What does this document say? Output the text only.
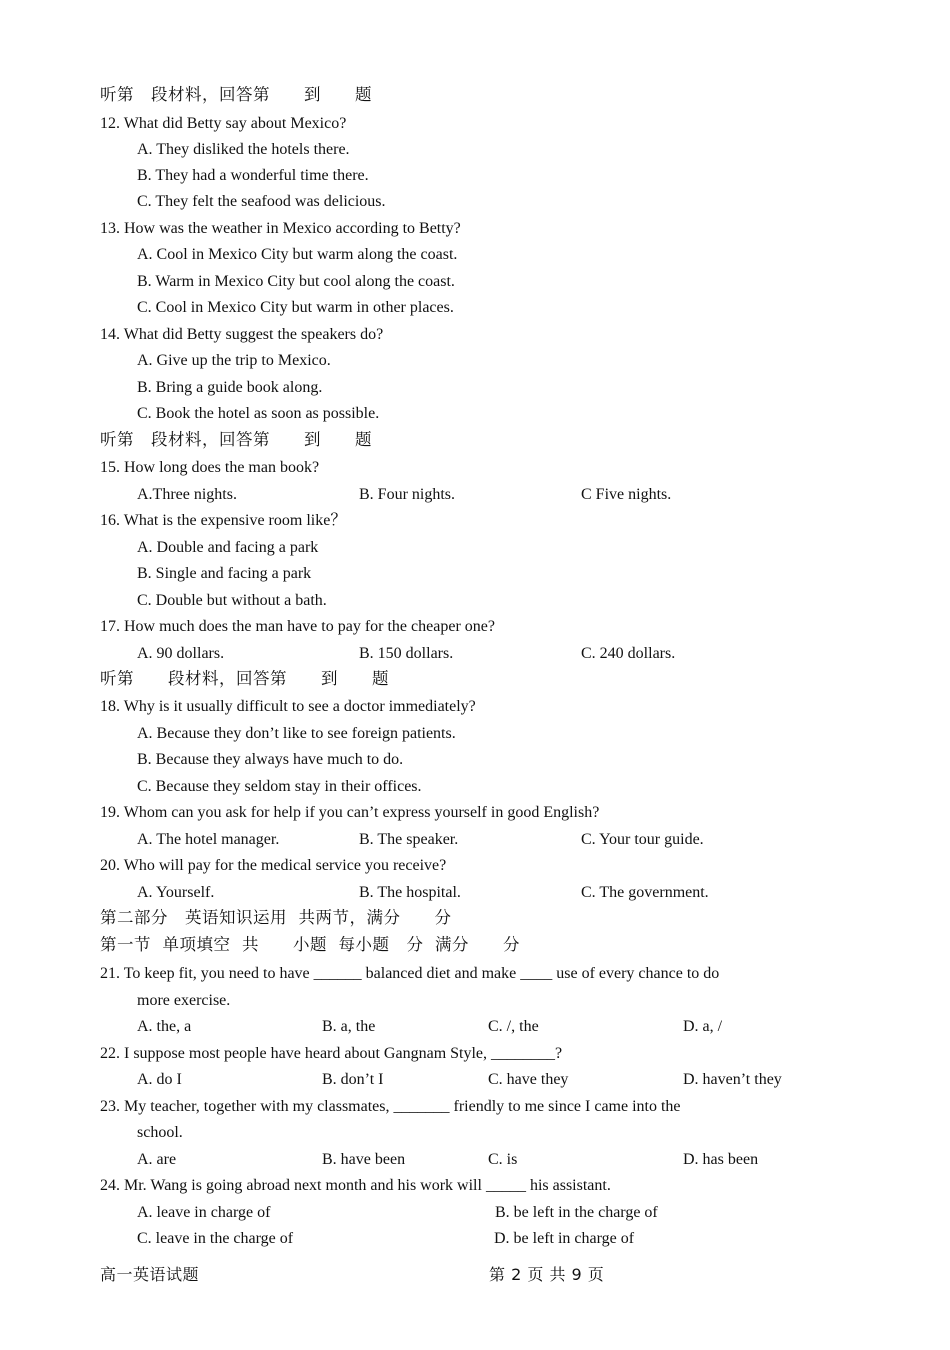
听第　段材料，回答第　　到　　题
12. What did Betty say about Mexico?
A. They disliked the hotels there.
B. They had a wonderful time there.
C. They felt the seafood was delicious.
13. How was the weather in Mexico according to Betty?
A. Cool in Mexico City but warm along the coast.
B. Warm in Mexico City but cool along the coast.
C. Cool in Mexico City but warm in other places.
14. What did Betty suggest the speakers do?
A. Give up the trip to Mexico.
B. Bring a guide book along.
C. Book the hotel as soon as possible.
听第　段材料，回答第　　到　　题
15. How long does the man book?
A.Three nights.	B. Four nights.	C Five nights.
16. What is the expensive room like？
A. Double and facing a park
B. Single and facing a park
C. Double but without a bath.
17. How much does the man have to pay for the cheaper one?
A. 90 dollars.	B. 150 dollars.	C. 240 dollars.
听第　　段材料，回答第　　到　　题
18. Why is it usually difficult to see a doctor immediately?
A. Because they don’t like to see foreign patients.
B. Because they always have much to do.
C. Because they seldom stay in their offices.
19. Whom can you ask for help if you can’t express yourself in good English?
A. The hotel manager.	B. The speaker.	C. Your tour guide.
20. Who will pay for the medical service you receive?
A. Yourself.	B. The hospital.	C. The government.
第二部分　英语知识运用  共两节，满分　　分
第一节  单项填空  共　　小题  每小题　分  满分　　分
21. To keep fit, you need to have ______ balanced diet and make ____ use of every chance to do
more exercise.
A. the, a	B. a, the	C. /, the	D. a, /
22. I suppose most people have heard about Gangnam Style, ________?
A. do I	B. don’t I	C. have they	D. haven’t they
23. My teacher, together with my classmates, _______ friendly to me since I came into the
school.
A. are	B. have been	C. is	D. has been
24. Mr. Wang is going abroad next month and his work will _____ his assistant.
A. leave in charge of	B. be left in the charge of
C. leave in the charge of	D. be left in charge of
高一英语试题	第 2 页 共 9 页
